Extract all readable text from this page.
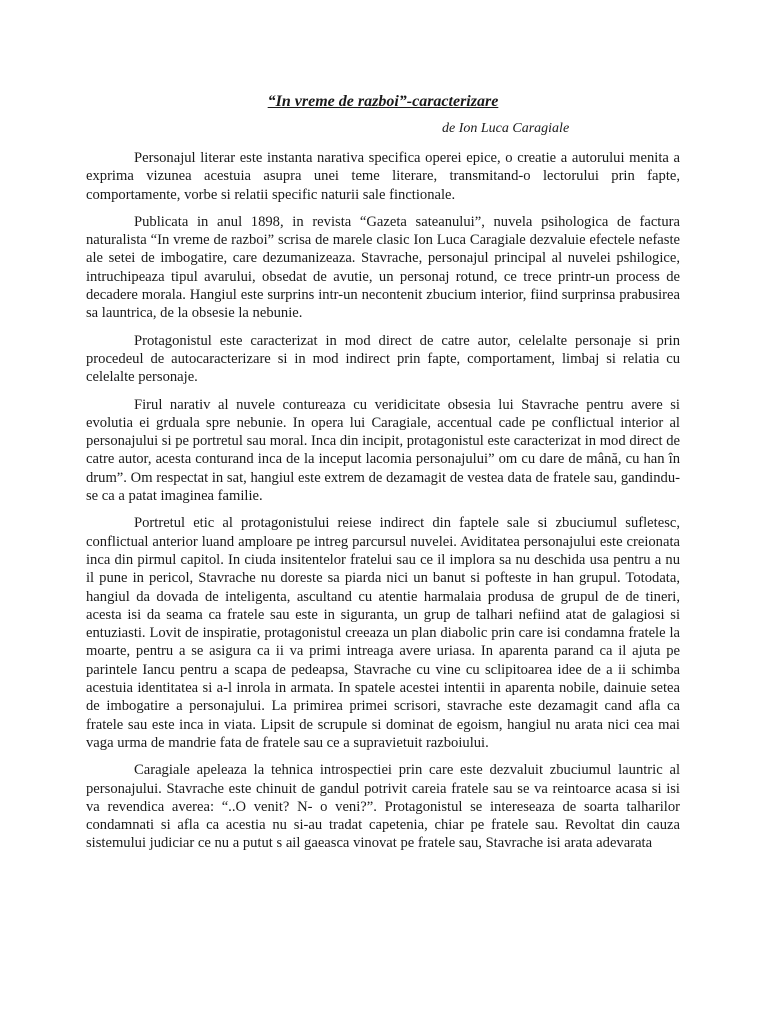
“In vreme de razboi”-caracterizare
de Ion Luca Caragiale

Personajul literar este instanta narativa specifica operei epice, o creatie a autorului menita a exprima vizunea acestuia asupra unei teme literare, transmitand-o lectorului prin fapte, comportamente, vorbe si relatii specific naturii sale finctionale.

Publicata in anul 1898, in revista “Gazeta sateanului”, nuvela psihologica de factura naturalista “In vreme de razboi” scrisa de marele clasic Ion Luca Caragiale dezvaluie efectele nefaste ale setei de imbogatire, care dezumanizeaza. Stavrache, personajul principal al nuvelei pshilogice, intruchipeaza tipul avarului, obsedat de avutie, un personaj rotund, ce trece printr-un process de decadere morala. Hangiul este surprins intr-un necontenit zbucium interior, fiind surprinsa prabusirea sa launtrica, de la obsesie la nebunie.

Protagonistul este caracterizat in mod direct de catre autor, celelalte personaje si prin procedeul de autocaracterizare si in mod indirect prin fapte, comportament, limbaj si relatia cu celelalte personaje.

Firul narativ al nuvele contureaza cu veridicitate obsesia lui Stavrache pentru avere si evolutia ei grduala spre nebunie. In opera lui Caragiale, accentual cade pe conflictual interior al personajului si pe portretul sau moral. Inca din incipit, protagonistul este caracterizat in mod direct de catre autor, acesta conturand inca de la inceput lacomia personajului” om cu dare de mână, cu han în drum”. Om respectat in sat, hangiul este extrem de dezamagit de vestea data de fratele sau, gandindu-se ca a patat imaginea familie.

Portretul etic al protagonistului reiese indirect din faptele sale si zbuciumul sufletesc, conflictual anterior luand amploare pe intreg parcursul nuvelei. Aviditatea personajului este creionata inca din pirmul capitol. In ciuda insitentelor fratelui sau ce il implora sa nu deschida usa pentru a nu il pune in pericol, Stavrache nu doreste sa piarda nici un banut si pofteste in han grupul. Totodata, hangiul da dovada de inteligenta, ascultand cu atentie harmalaia produsa de grupul de de tineri, acesta isi da seama ca fratele sau este in siguranta, un grup de talhari nefiind atat de galagiosi si entuziasti. Lovit de inspiratie, protagonistul creeaza un plan diabolic prin care isi condamna fratele la moarte, pentru a se asigura ca ii va primi intreaga avere uriasa. In aparenta parand ca il ajuta pe parintele Iancu pentru a scapa de pedeapsa, Stavrache cu vine cu sclipitoarea idee de a ii schimba acestuia identitatea si a-l inrola in armata. In spatele acestei intentii in aparenta nobile, dainuie setea de imbogatire a personajului. La primirea primei scrisori, stavrache este dezamagit cand afla ca fratele sau este inca in viata. Lipsit de scrupule si dominat de egoism, hangiul nu arata nici cea mai vaga urma de mandrie fata de fratele sau ce a supravietuit razboiului.

Caragiale apeleaza la tehnica introspectiei prin care este dezvaluit zbuciumul launtric al personajului. Stavrache este chinuit de gandul potrivit careia fratele sau se va reintoarce acasa si isi va revendica averea: “..O venit? N- o veni?”. Protagonistul se intereseaza de soarta talharilor condamnati si afla ca acestia nu si-au tradat capetenia, chiar pe fratele sau. Revoltat din cauza sistemului judiciar ce nu a putut s ail gaeasca vinovat pe fratele sau, Stavrache isi arata adevarata
